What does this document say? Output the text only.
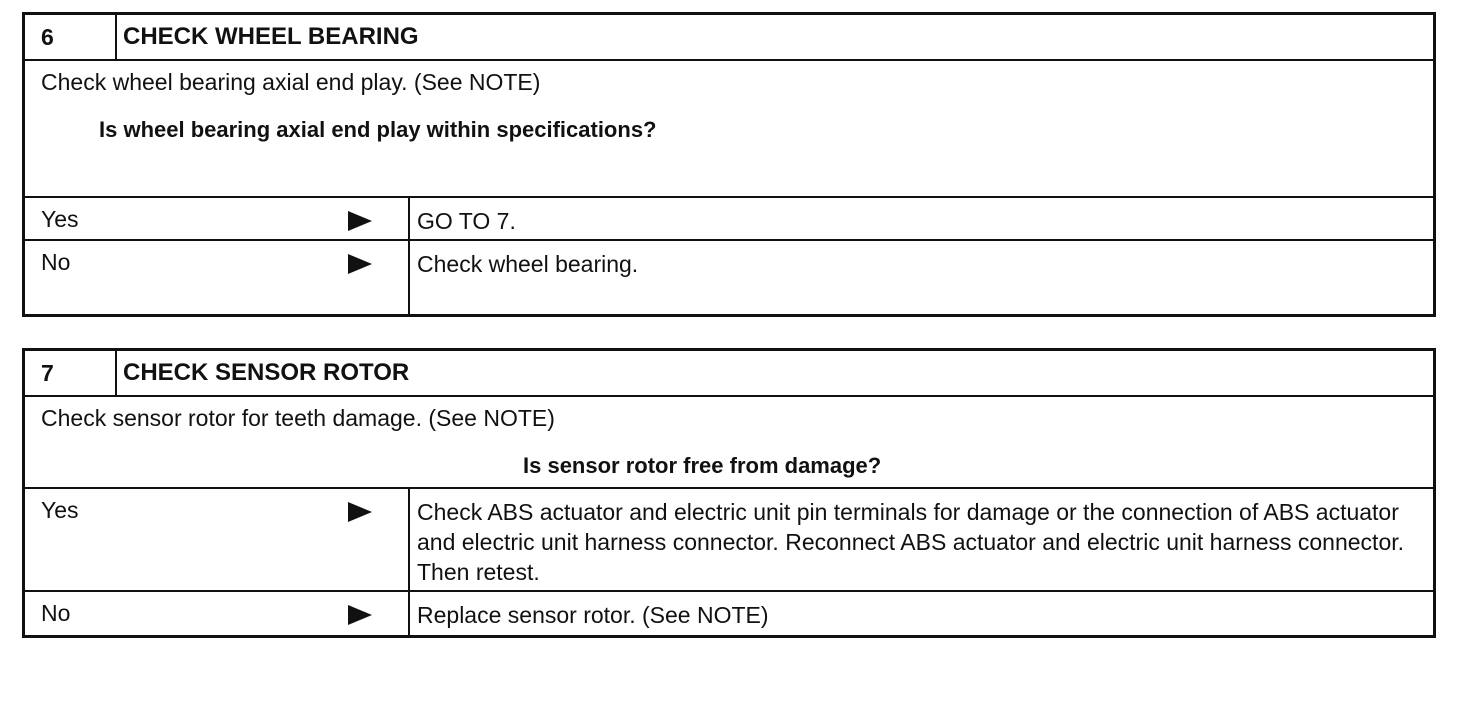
6	CHECK WHEEL BEARING
Check wheel bearing axial end play. (See NOTE)
Is wheel bearing axial end play within specifications?
Yes	GO TO 7.
No	Check wheel bearing.
7	CHECK SENSOR ROTOR
Check sensor rotor for teeth damage. (See NOTE)
Is sensor rotor free from damage?
Yes	Check ABS actuator and electric unit pin terminals for damage or the connection of ABS actuator and electric unit harness connector. Reconnect ABS actuator and electric unit harness connector. Then retest.
No	Replace sensor rotor. (See NOTE)
